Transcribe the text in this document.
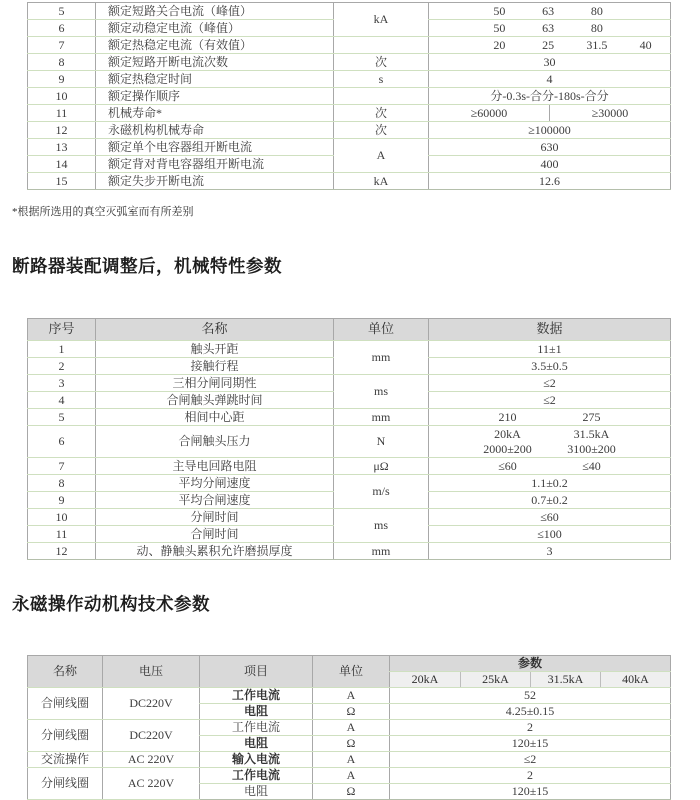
5	额定短路关合电流（峰值）	kA	50 63 80

6	额定动稳定电流（峰值）		50 63 80

7	额定热稳定电流（有效值）		20 25 31.5 40

8	额定短路开断电流次数	次	30
9	额定热稳定时间	s	4
10	额定操作顺序		分-0.3s-合分-180s-合分
11	机械寿命*	次	≥60000 ≥30000

12	永磁机构机械寿命	次	≥100000
13	额定单个电容器组开断电流	A	630
14	额定背对背电容器组开断电流		400
15	额定失步开断电流	kA	12.6
*根据所选用的真空灭弧室而有所差别
断路器装配调整后，机械特性参数
序号	名称	单位	数据
1	触头开距	mm	11±1
2	接触行程		3.5±0.5
3	三相分闸同期性	ms	≤2
4	合闸触头弹跳时间		≤2
5	相间中心距	mm	210 275

6	合闸触头压力	N	20kA 31.5kA
2000±200 3100±200

7	主导电回路电阻	μΩ	≤60 ≤40

8	平均分闸速度	m/s	1.1±0.2
9	平均合闸速度		0.7±0.2
10	分闸时间	ms	≤60
11	合闸时间		≤100
12	动、静触头累积允许磨损厚度	mm	3
永磁操作动机构技术参数
名称	电压	项目	单位	参数			
				20kA	25kA	31.5kA	40kA
合闸线圈	DC220V	工作电流	A	52			
		电阻	Ω	4.25±0.15			
分闸线圈	DC220V	工作电流	A	2			
		电阻	Ω	120±15			
交流操作	AC 220V	输入电流	A	≤2			
分闸线圈	AC 220V	工作电流	A	2			
		电阻	Ω	120±15			
